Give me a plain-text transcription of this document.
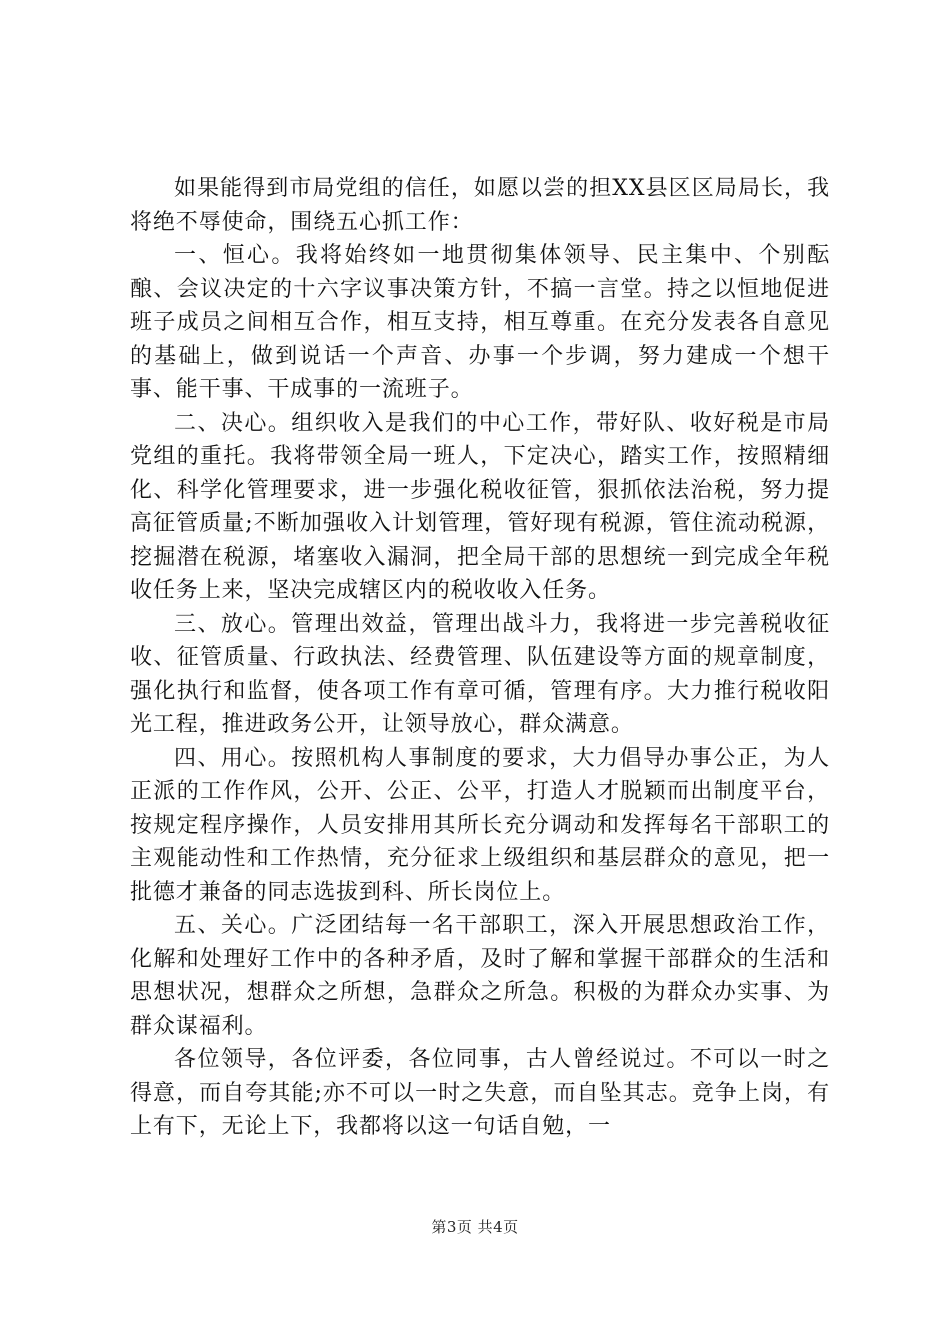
如果能得到市局党组的信任，如愿以尝的担XX县区区局局长，我将绝不辱使命，围绕五心抓工作：

一、恒心。我将始终如一地贯彻集体领导、民主集中、个别酝酿、会议决定的十六字议事决策方针，不搞一言堂。持之以恒地促进班子成员之间相互合作，相互支持，相互尊重。在充分发表各自意见的基础上，做到说话一个声音、办事一个步调，努力建成一个想干事、能干事、干成事的一流班子。

二、决心。组织收入是我们的中心工作，带好队、收好税是市局党组的重托。我将带领全局一班人，下定决心，踏实工作，按照精细化、科学化管理要求，进一步强化税收征管，狠抓依法治税，努力提高征管质量;不断加强收入计划管理，管好现有税源，管住流动税源，挖掘潜在税源，堵塞收入漏洞，把全局干部的思想统一到完成全年税收任务上来，坚决完成辖区内的税收收入任务。

三、放心。管理出效益，管理出战斗力，我将进一步完善税收征收、征管质量、行政执法、经费管理、队伍建设等方面的规章制度，强化执行和监督，使各项工作有章可循，管理有序。大力推行税收阳光工程，推进政务公开，让领导放心，群众满意。

四、用心。按照机构人事制度的要求，大力倡导办事公正，为人正派的工作作风，公开、公正、公平，打造人才脱颖而出制度平台，按规定程序操作，人员安排用其所长充分调动和发挥每名干部职工的主观能动性和工作热情，充分征求上级组织和基层群众的意见，把一批德才兼备的同志选拔到科、所长岗位上。

五、关心。广泛团结每一名干部职工，深入开展思想政治工作，化解和处理好工作中的各种矛盾，及时了解和掌握干部群众的生活和思想状况，想群众之所想，急群众之所急。积极的为群众办实事、为群众谋福利。

各位领导，各位评委，各位同事，古人曾经说过。不可以一时之得意，而自夸其能;亦不可以一时之失意，而自坠其志。竞争上岗，有上有下，无论上下，我都将以这一句话自勉，一

第3页 共4页
